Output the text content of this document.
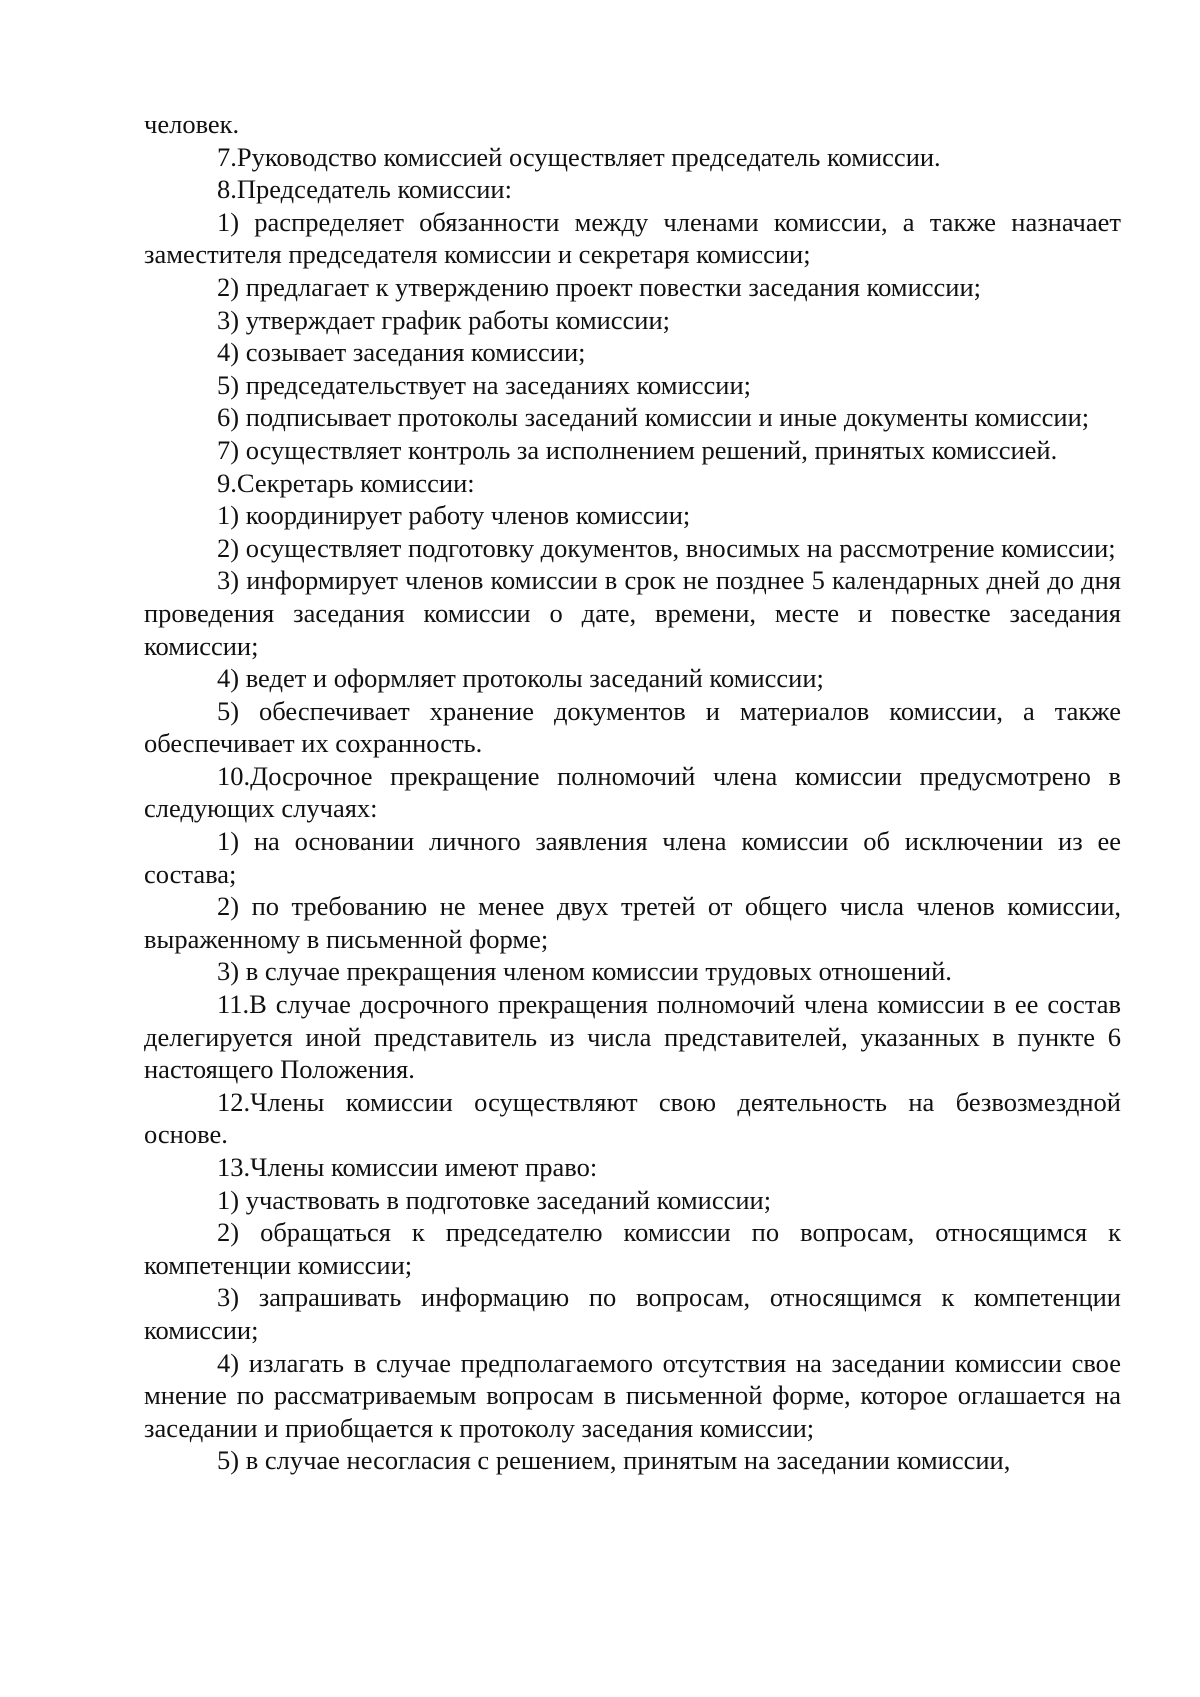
человек.

7.Руководство комиссией осуществляет председатель комиссии.

8.Председатель комиссии:

1) распределяет обязанности между членами комиссии, а также назначает заместителя председателя комиссии и секретаря комиссии;

2) предлагает к утверждению проект повестки заседания комиссии;

3) утверждает график работы комиссии;

4) созывает заседания комиссии;

5) председательствует на заседаниях комиссии;

6) подписывает протоколы заседаний комиссии и иные документы комиссии;

7) осуществляет контроль за исполнением решений, принятых комиссией.

9.Секретарь комиссии:

1) координирует работу членов комиссии;

2) осуществляет подготовку документов, вносимых на рассмотрение комиссии;

3) информирует членов комиссии в срок не позднее 5 календарных дней до дня проведения заседания комиссии о дате, времени, месте и повестке заседания комиссии;

4) ведет и оформляет протоколы заседаний комиссии;

5) обеспечивает хранение документов и материалов комиссии, а также обеспечивает их сохранность.

10.Досрочное прекращение полномочий члена комиссии предусмотрено в следующих случаях:

1) на основании личного заявления члена комиссии об исключении из ее состава;

2) по требованию не менее двух третей от общего числа членов комиссии, выраженному в письменной форме;

3) в случае прекращения членом комиссии трудовых отношений.

11.В случае досрочного прекращения полномочий члена комиссии в ее состав делегируется иной представитель из числа представителей, указанных в пункте 6 настоящего Положения.

12.Члены комиссии осуществляют свою деятельность на безвозмездной основе.

13.Члены комиссии имеют право:

1) участвовать в подготовке заседаний комиссии;

2) обращаться к председателю комиссии по вопросам, относящимся к компетенции комиссии;

3) запрашивать информацию по вопросам, относящимся к компетенции комиссии;

4) излагать в случае предполагаемого отсутствия на заседании комиссии свое мнение по рассматриваемым вопросам в письменной форме, которое оглашается на заседании и приобщается к протоколу заседания комиссии;

5) в случае несогласия с решением, принятым на заседании комиссии,
